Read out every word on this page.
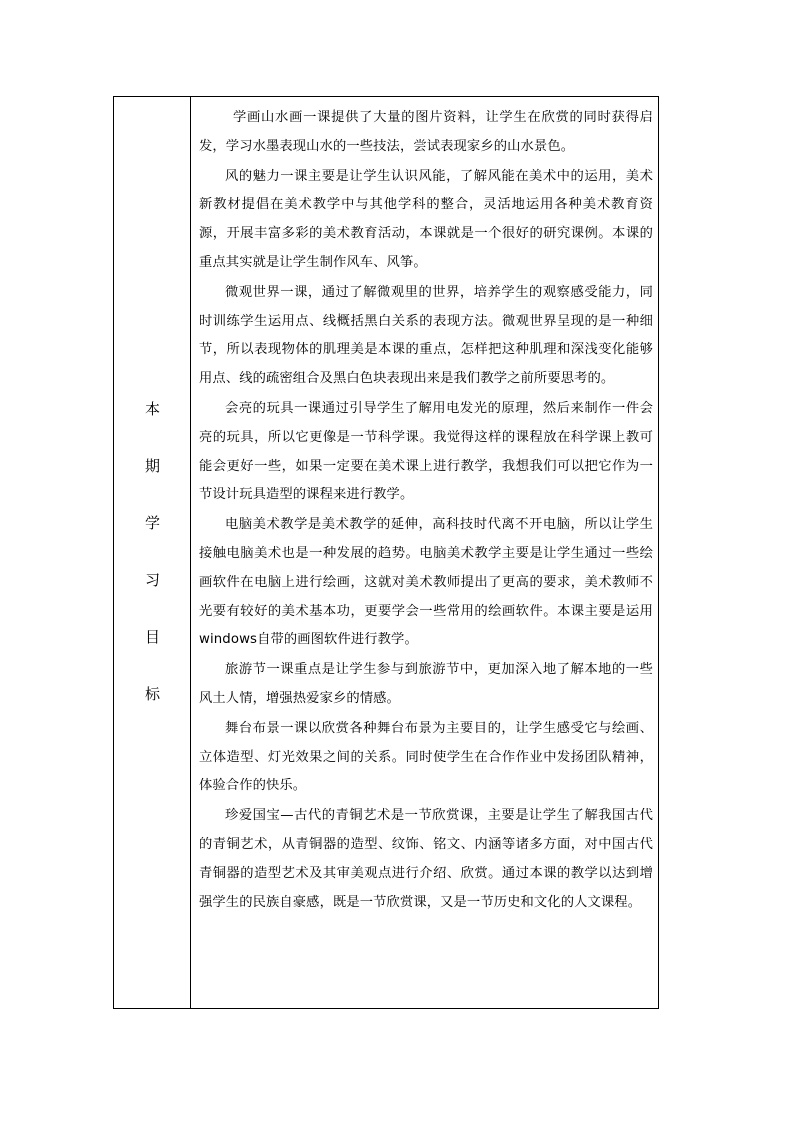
本
期
学
习
目
标

学画山水画一课提供了大量的图片资料，让学生在欣赏的同时获得启发，学习水墨表现山水的一些技法，尝试表现家乡的山水景色。

风的魅力一课主要是让学生认识风能，了解风能在美术中的运用，美术新教材提倡在美术教学中与其他学科的整合，灵活地运用各种美术教育资源，开展丰富多彩的美术教育活动，本课就是一个很好的研究课例。本课的重点其实就是让学生制作风车、风筝。

微观世界一课，通过了解微观里的世界，培养学生的观察感受能力，同时训练学生运用点、线概括黑白关系的表现方法。微观世界呈现的是一种细节，所以表现物体的肌理美是本课的重点，怎样把这种肌理和深浅变化能够用点、线的疏密组合及黑白色块表现出来是我们教学之前所要思考的。

会亮的玩具一课通过引导学生了解用电发光的原理，然后来制作一件会亮的玩具，所以它更像是一节科学课。我觉得这样的课程放在科学课上教可能会更好一些，如果一定要在美术课上进行教学，我想我们可以把它作为一节设计玩具造型的课程来进行教学。

电脑美术教学是美术教学的延伸，高科技时代离不开电脑，所以让学生接触电脑美术也是一种发展的趋势。电脑美术教学主要是让学生通过一些绘画软件在电脑上进行绘画，这就对美术教师提出了更高的要求，美术教师不光要有较好的美术基本功，更要学会一些常用的绘画软件。本课主要是运用windows自带的画图软件进行教学。

旅游节一课重点是让学生参与到旅游节中，更加深入地了解本地的一些风土人情，增强热爱家乡的情感。

舞台布景一课以欣赏各种舞台布景为主要目的，让学生感受它与绘画、立体造型、灯光效果之间的关系。同时使学生在合作作业中发扬团队精神，体验合作的快乐。

珍爱国宝—古代的青铜艺术是一节欣赏课，主要是让学生了解我国古代的青铜艺术，从青铜器的造型、纹饰、铭文、内涵等诸多方面，对中国古代青铜器的造型艺术及其审美观点进行介绍、欣赏。通过本课的教学以达到增强学生的民族自豪感，既是一节欣赏课，又是一节历史和文化的人文课程。
